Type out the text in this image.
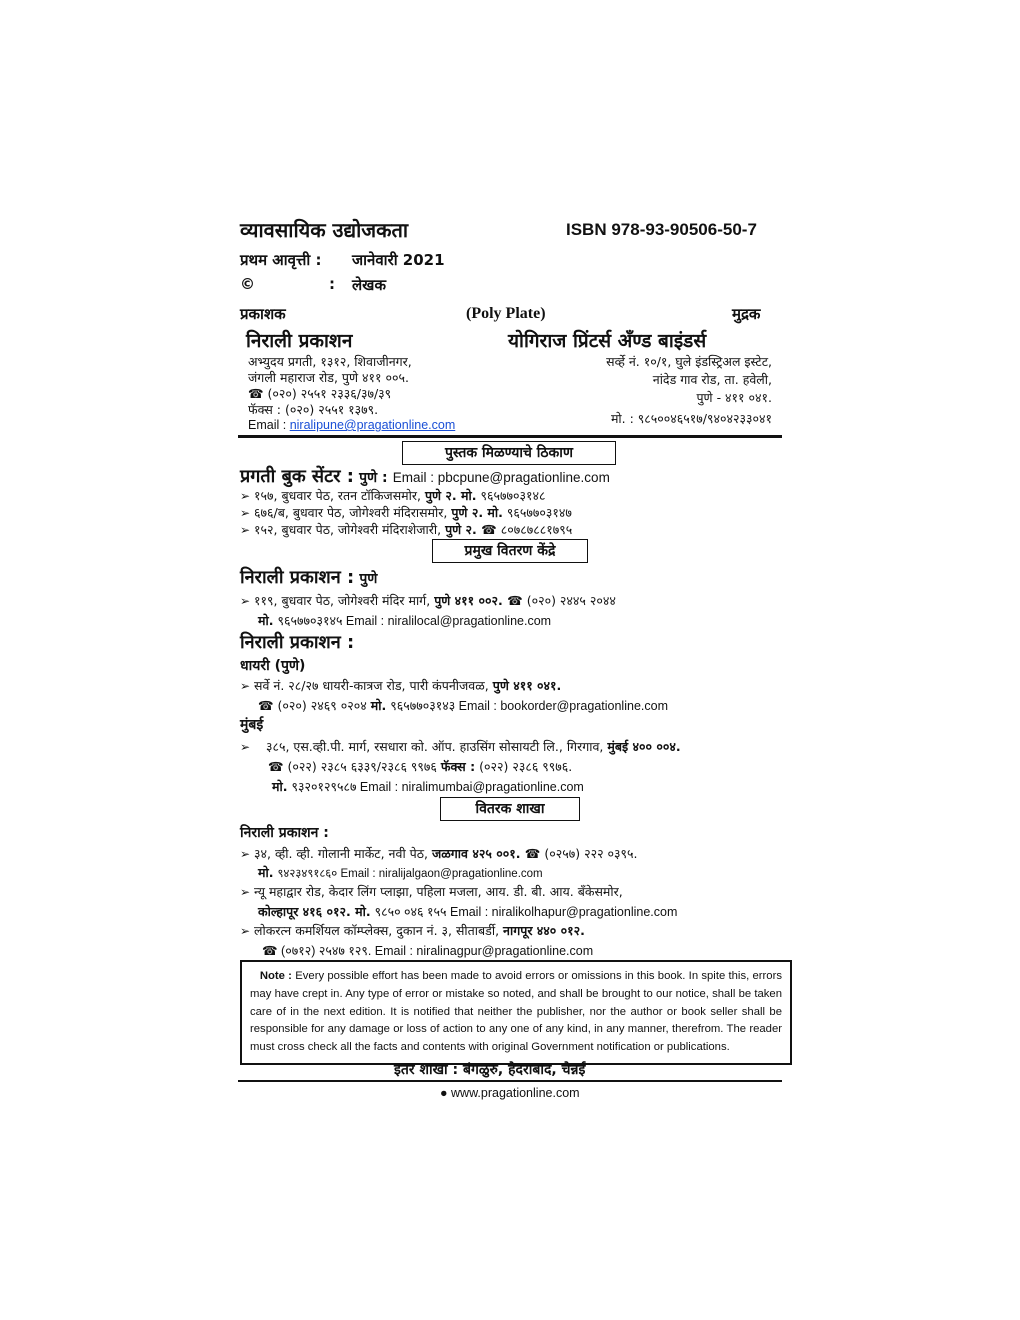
व्यावसायिक उद्योजकता	ISBN 978-93-90506-50-7
प्रथम आवृत्ती : जानेवारी 2021
©	: लेखक
प्रकाशक	(Poly Plate)	मुद्रक
निराली प्रकाशन	योगिराज प्रिंटर्स अँण्ड बाइंडर्स
अभ्युदय प्रगती, १३१२, शिवाजीनगर,
जंगली महाराज रोड, पुणे ४११ ००५.
☎ (०२०) २५५१ २३३६/३७/३९
फॅक्स : (०२०) २५५१ १३७९.
Email : niralipune@pragationline.com
सर्व्हे नं. १०/१, घुले इंडस्ट्रिअल इस्टेट,
नांदेड गाव रोड, ता. हवेली,
पुणे - ४११ ०४१.
मो. : ९८५००४६५१७/९४०४२३३०४१
पुस्तक मिळण्याचे ठिकाण
प्रगती बुक सेंटर : पुणे : Email : pbcpune@pragationline.com
➢ १५७, बुधवार पेठ, रतन टॉकिजसमोर, पुणे २. मो. ९६५७७०३१४८
➢ ६७६/ब, बुधवार पेठ, जोगेश्वरी मंदिरासमोर, पुणे २. मो. ९६५७७०३१४७
➢ १५२, बुधवार पेठ, जोगेश्वरी मंदिराशेजारी, पुणे २. ☎ ८०७८७८८१७९५
प्रमुख वितरण केंद्रे
निराली प्रकाशन : पुणे
➢ ११९, बुधवार पेठ, जोगेश्वरी मंदिर मार्ग, पुणे ४११ ००२. ☎ (०२०) २४४५ २०४४
मो. ९६५७७०३१४५ Email : niralilocal@pragationline.com
निराली प्रकाशन :
धायरी (पुणे)
➢ सर्वे नं. २८/२७ धायरी-कात्रज रोड, पारी कंपनीजवळ, पुणे ४११ ०४१.
☎ (०२०) २४६९ ०२०४ मो. ९६५७७०३१४३ Email : bookorder@pragationline.com
मुंबई
➢ ३८५, एस.व्ही.पी. मार्ग, रसधारा को. ऑप. हाउसिंग सोसायटी लि., गिरगाव, मुंबई ४०० ००४.
☎ (०२२) २३८५ ६३३९/२३८६ ९९७६ फॅक्स : (०२२) २३८६ ९९७६.
मो. ९३२०१२९५८७ Email : niralimumbai@pragationline.com
वितरक शाखा
निराली प्रकाशन :
➢ ३४, व्ही. व्ही. गोलानी मार्केट, नवी पेठ, जळगाव ४२५ ००१. ☎ (०२५७) २२२ ०३९५.
मो. ९४२३४९१८६० Email : niralijalgaon@pragationline.com
➢ न्यू महाद्वार रोड, केदार लिंग प्लाझा, पहिला मजला, आय. डी. बी. आय. बँकेसमोर,
कोल्हापूर ४१६ ०१२. मो. ९८५० ०४६ १५५ Email : niralikolhapur@pragationline.com
➢ लोकरत्न कमर्शियल कॉम्प्लेक्स, दुकान नं. ३, सीताबर्डी, नागपूर ४४० ०१२.
☎ (०७१२) २५४७ १२९. Email : niralinagpur@pragationline.com
Note : Every possible effort has been made to avoid errors or omissions in this book. In spite this, errors may have crept in. Any type of error or mistake so noted, and shall be brought to our notice, shall be taken care of in the next edition. It is notified that neither the publisher, nor the author or book seller shall be responsible for any damage or loss of action to any one of any kind, in any manner, therefrom. The reader must cross check all the facts and contents with original Government notification or publications.
इतर शाखा : बंगळुरु, हैदराबाद, चेन्नई
● www.pragationline.com
